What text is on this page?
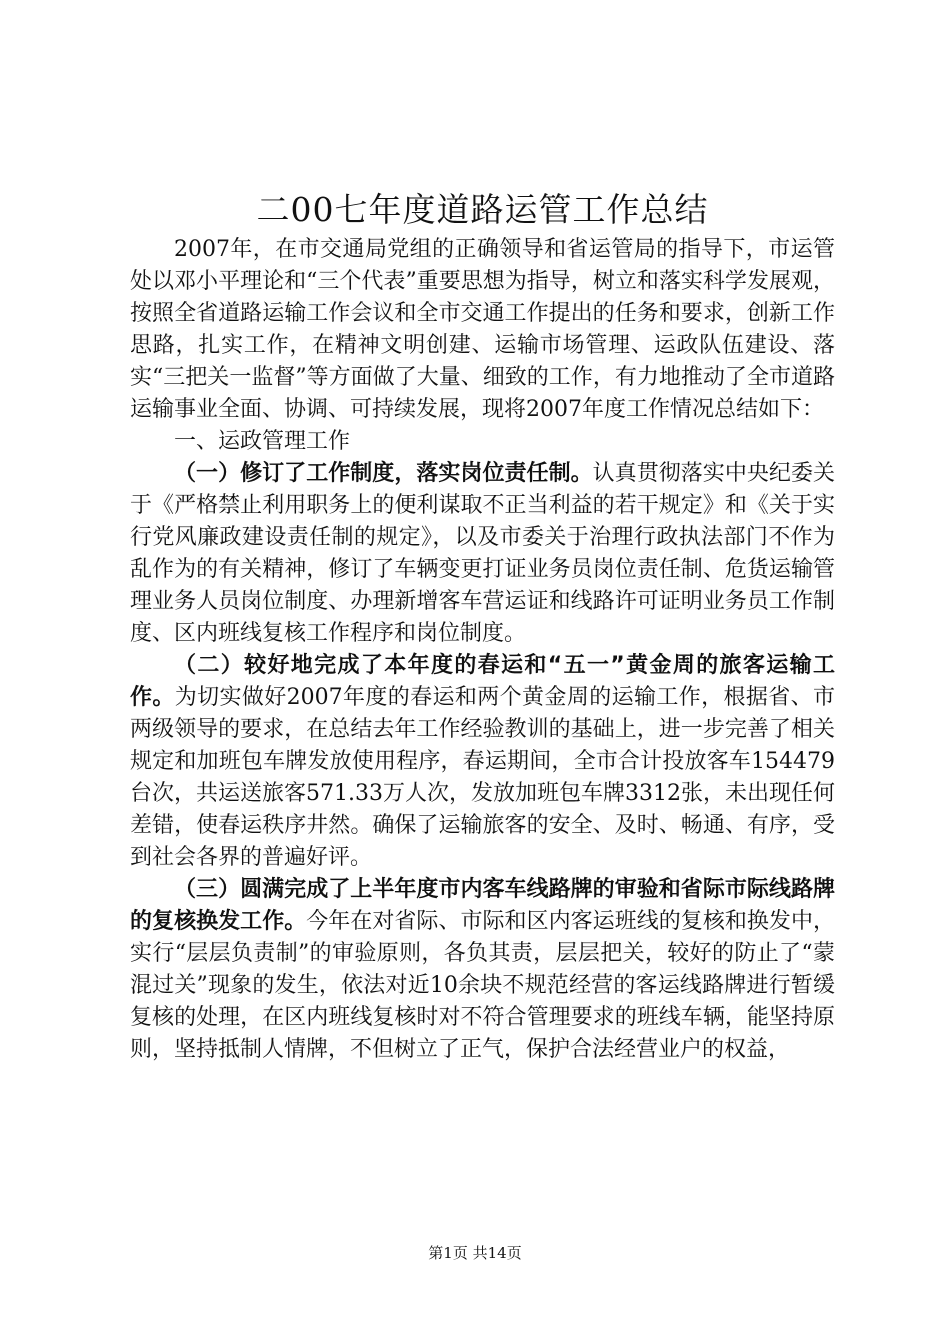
二00七年度道路运管工作总结

2007年，在市交通局党组的正确领导和省运管局的指导下，市运管处以邓小平理论和“三个代表”重要思想为指导，树立和落实科学发展观，按照全省道路运输工作会议和全市交通工作提出的任务和要求，创新工作思路，扎实工作，在精神文明创建、运输市场管理、运政队伍建设、落实“三把关一监督”等方面做了大量、细致的工作，有力地推动了全市道路运输事业全面、协调、可持续发展，现将2007年度工作情况总结如下：

一、运政管理工作

（一）修订了工作制度，落实岗位责任制。认真贯彻落实中央纪委关于《严格禁止利用职务上的便利谋取不正当利益的若干规定》和《关于实行党风廉政建设责任制的规定》，以及市委关于治理行政执法部门不作为乱作为的有关精神，修订了车辆变更打证业务员岗位责任制、危货运输管理业务人员岗位制度、办理新增客车营运证和线路许可证明业务员工作制度、区内班线复核工作程序和岗位制度。

（二）较好地完成了本年度的春运和“五一”黄金周的旅客运输工作。为切实做好2007年度的春运和两个黄金周的运输工作，根据省、市两级领导的要求，在总结去年工作经验教训的基础上，进一步完善了相关规定和加班包车牌发放使用程序，春运期间，全市合计投放客车154479台次，共运送旅客571.33万人次，发放加班包车牌3312张，未出现任何差错，使春运秩序井然。确保了运输旅客的安全、及时、畅通、有序，受到社会各界的普遍好评。

（三）圆满完成了上半年度市内客车线路牌的审验和省际市际线路牌的复核换发工作。今年在对省际、市际和区内客运班线的复核和换发中，实行“层层负责制”的审验原则，各负其责，层层把关，较好的防止了“蒙混过关”现象的发生，依法对近10余块不规范经营的客运线路牌进行暂缓复核的处理，在区内班线复核时对不符合管理要求的班线车辆，能坚持原则，坚持抵制人情牌，不但树立了正气，保护合法经营业户的权益，

第1页 共14页
